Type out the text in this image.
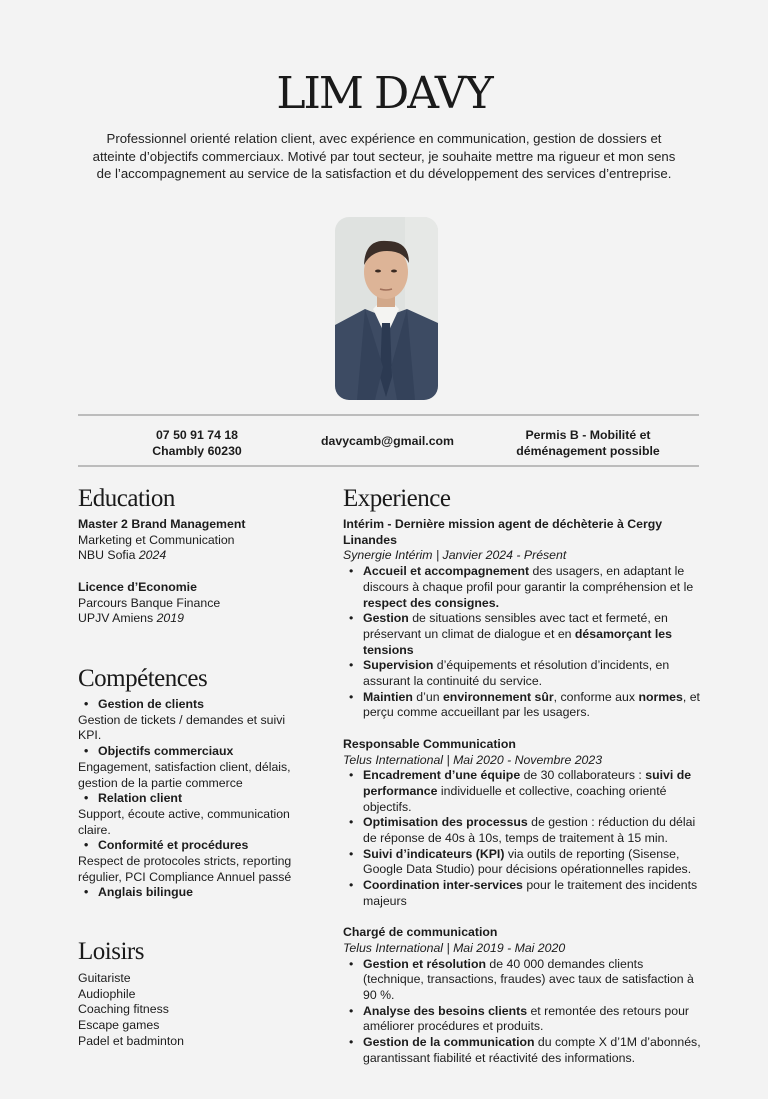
LIM DAVY

Professionnel orienté relation client, avec expérience en communication, gestion de dossiers et atteinte d’objectifs commerciaux. Motivé par tout secteur, je souhaite mettre ma rigueur et mon sens de l’accompagnement au service de la satisfaction et du développement des services d’entreprise.

07 50 91 74 18
Chambly 60230
davycamb@gmail.com	Permis B - Mobilité et
déménagement possible
Education
Master 2 Brand Management
Marketing et Communication
NBU Sofia 2024
Licence d’Economie
Parcours Banque Finance
UPJV Amiens 2019
Compétences
• Gestion de clients
Gestion de tickets / demandes et suivi KPI.
• Objectifs commerciaux
Engagement, satisfaction client, délais, gestion de la partie commerce
• Relation client
Support, écoute active, communication claire.
• Conformité et procédures
Respect de protocoles stricts, reporting régulier, PCI Compliance Annuel passé
• Anglais bilingue
Loisirs
Guitariste
Audiophile
Coaching fitness
Escape games
Padel et badminton
Experience
Intérim - Dernière mission agent de déchèterie à Cergy Linandes
Synergie Intérim | Janvier 2024 - Présent
• Accueil et accompagnement des usagers, en adaptant le discours à chaque profil pour garantir la compréhension et le respect des consignes.
• Gestion de situations sensibles avec tact et fermeté, en préservant un climat de dialogue et en désamorçant les tensions
• Supervision d’équipements et résolution d’incidents, en assurant la continuité du service.
• Maintien d’un environnement sûr, conforme aux normes, et perçu comme accueillant par les usagers.
Responsable Communication
Telus International | Mai 2020 - Novembre 2023
• Encadrement d’une équipe de 30 collaborateurs : suivi de performance individuelle et collective, coaching orienté objectifs.
• Optimisation des processus de gestion : réduction du délai de réponse de 40s à 10s, temps de traitement à 15 min.
• Suivi d’indicateurs (KPI) via outils de reporting (Sisense, Google Data Studio) pour décisions opérationnelles rapides.
• Coordination inter-services pour le traitement des incidents majeurs
Chargé de communication
Telus International | Mai 2019 - Mai 2020
• Gestion et résolution de 40 000 demandes clients (technique, transactions, fraudes) avec taux de satisfaction à 90 %.
• Analyse des besoins clients et remontée des retours pour améliorer procédures et produits.
• Gestion de la communication du compte X d’1M d’abonnés, garantissant fiabilité et réactivité des informations.
